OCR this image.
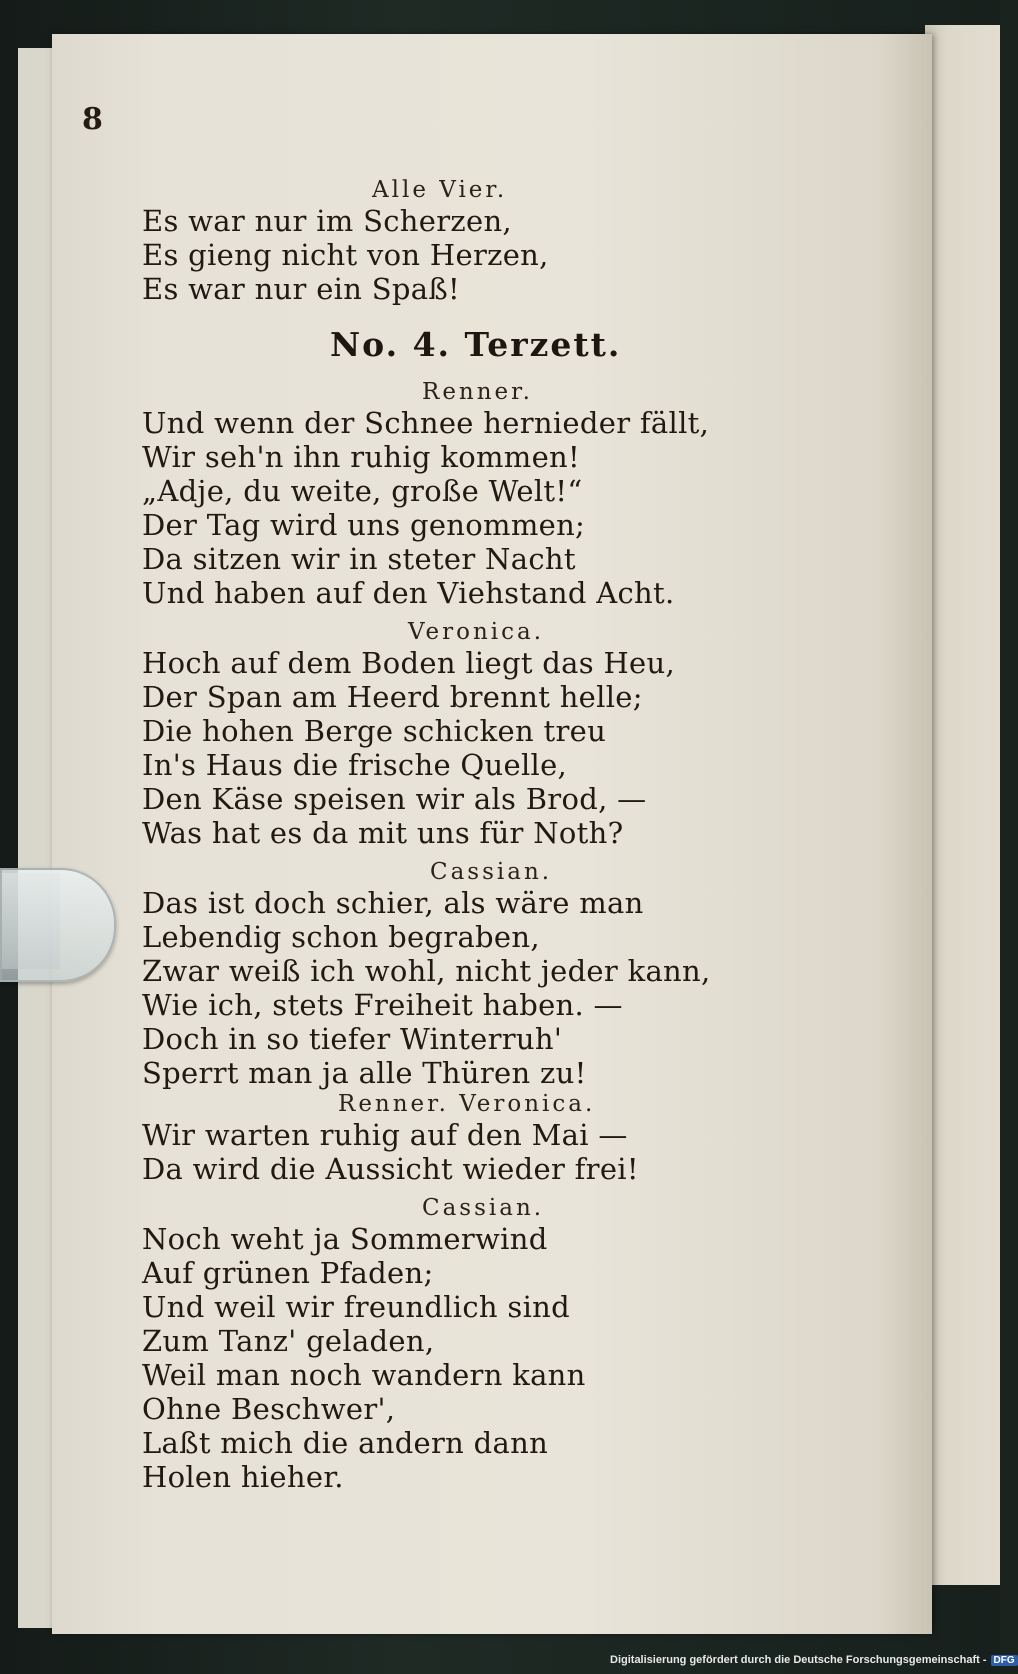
8
Alle Vier.
Es war nur im Scherzen,
Es gieng nicht von Herzen,
Es war nur ein Spaß!
No. 4. Terzett.
Renner.
Und wenn der Schnee hernieder fällt,
Wir seh'n ihn ruhig kommen!
„Adje, du weite, große Welt!“
Der Tag wird uns genommen;
Da sitzen wir in steter Nacht
Und haben auf den Viehstand Acht.
Veronica.
Hoch auf dem Boden liegt das Heu,
Der Span am Heerd brennt helle;
Die hohen Berge schicken treu
In's Haus die frische Quelle,
Den Käse speisen wir als Brod, —
Was hat es da mit uns für Noth?
Cassian.
Das ist doch schier, als wäre man
Lebendig schon begraben,
Zwar weiß ich wohl, nicht jeder kann,
Wie ich, stets Freiheit haben. —
Doch in so tiefer Winterruh'
Sperrt man ja alle Thüren zu!
Renner. Veronica.
Wir warten ruhig auf den Mai —
Da wird die Aussicht wieder frei!
Cassian.
Noch weht ja Sommerwind
Auf grünen Pfaden;
Und weil wir freundlich sind
Zum Tanz' geladen,
Weil man noch wandern kann
Ohne Beschwer',
Laßt mich die andern dann
Holen hieher.
Digitalisierung gefördert durch die Deutsche Forschungsgemeinschaft - DFG
